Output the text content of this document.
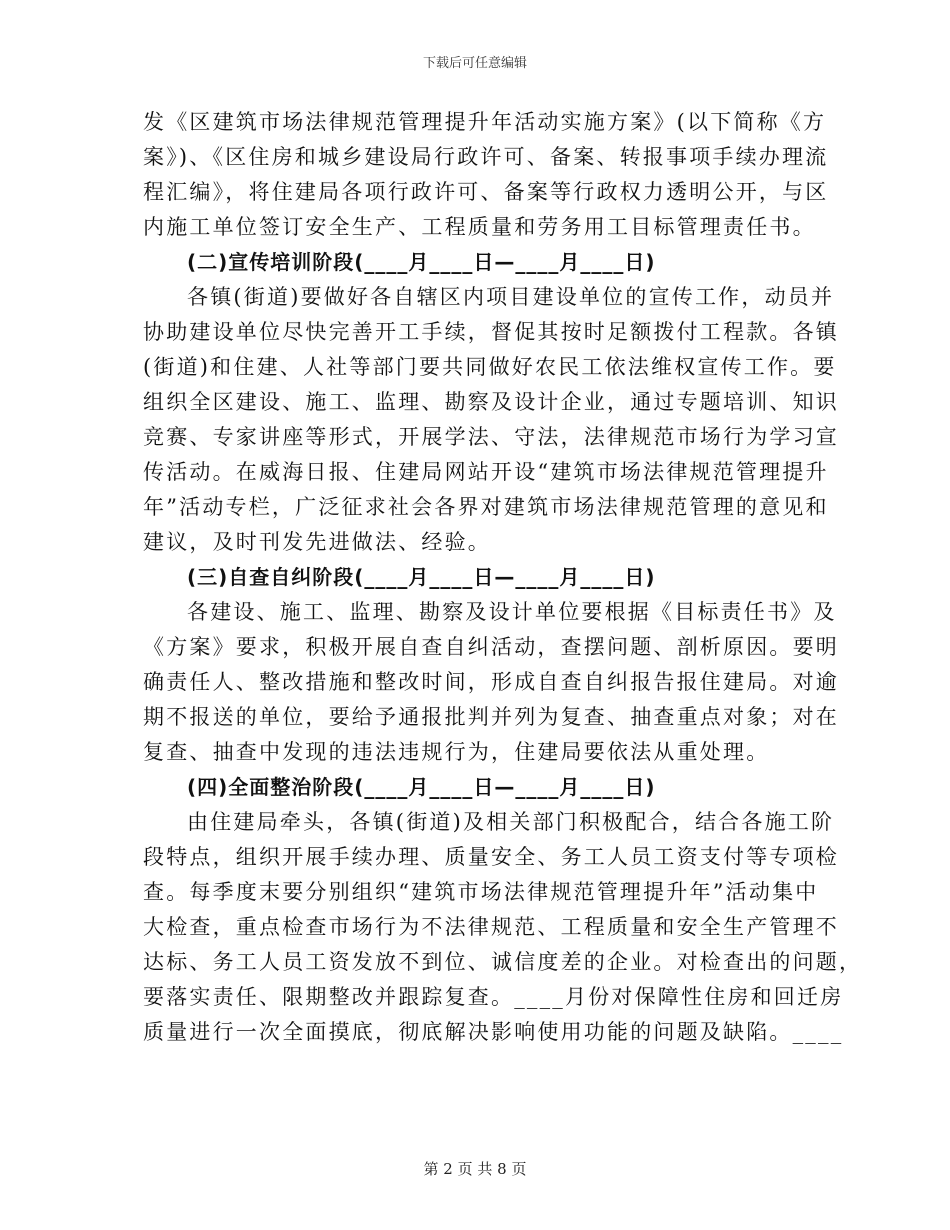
下载后可任意编辑

发《区建筑市场法律规范管理提升年活动实施方案》(以下简称《方

案》)、《区住房和城乡建设局行政许可、备案、转报事项手续办理流

程汇编》，将住建局各项行政许可、备案等行政权力透明公开，与区

内施工单位签订安全生产、工程质量和劳务用工目标管理责任书。

(二)宣传培训阶段(____月____日—____月____日)

各镇(街道)要做好各自辖区内项目建设单位的宣传工作，动员并

协助建设单位尽快完善开工手续，督促其按时足额拨付工程款。各镇

(街道)和住建、人社等部门要共同做好农民工依法维权宣传工作。要

组织全区建设、施工、监理、勘察及设计企业，通过专题培训、知识

竞赛、专家讲座等形式，开展学法、守法，法律规范市场行为学习宣

传活动。在威海日报、住建局网站开设“建筑市场法律规范管理提升

年”活动专栏，广泛征求社会各界对建筑市场法律规范管理的意见和

建议，及时刊发先进做法、经验。

(三)自查自纠阶段(____月____日—____月____日)

各建设、施工、监理、勘察及设计单位要根据《目标责任书》及

《方案》要求，积极开展自查自纠活动，查摆问题、剖析原因。要明

确责任人、整改措施和整改时间，形成自查自纠报告报住建局。对逾

期不报送的单位，要给予通报批判并列为复查、抽查重点对象；对在

复查、抽查中发现的违法违规行为，住建局要依法从重处理。

(四)全面整治阶段(____月____日—____月____日)

由住建局牵头，各镇(街道)及相关部门积极配合，结合各施工阶

段特点，组织开展手续办理、质量安全、务工人员工资支付等专项检

查。每季度末要分别组织“建筑市场法律规范管理提升年”活动集中

大检查，重点检查市场行为不法律规范、工程质量和安全生产管理不

达标、务工人员工资发放不到位、诚信度差的企业。对检查出的问题，

要落实责任、限期整改并跟踪复查。____月份对保障性住房和回迁房

质量进行一次全面摸底，彻底解决影响使用功能的问题及缺陷。____

第 2 页 共 8 页
